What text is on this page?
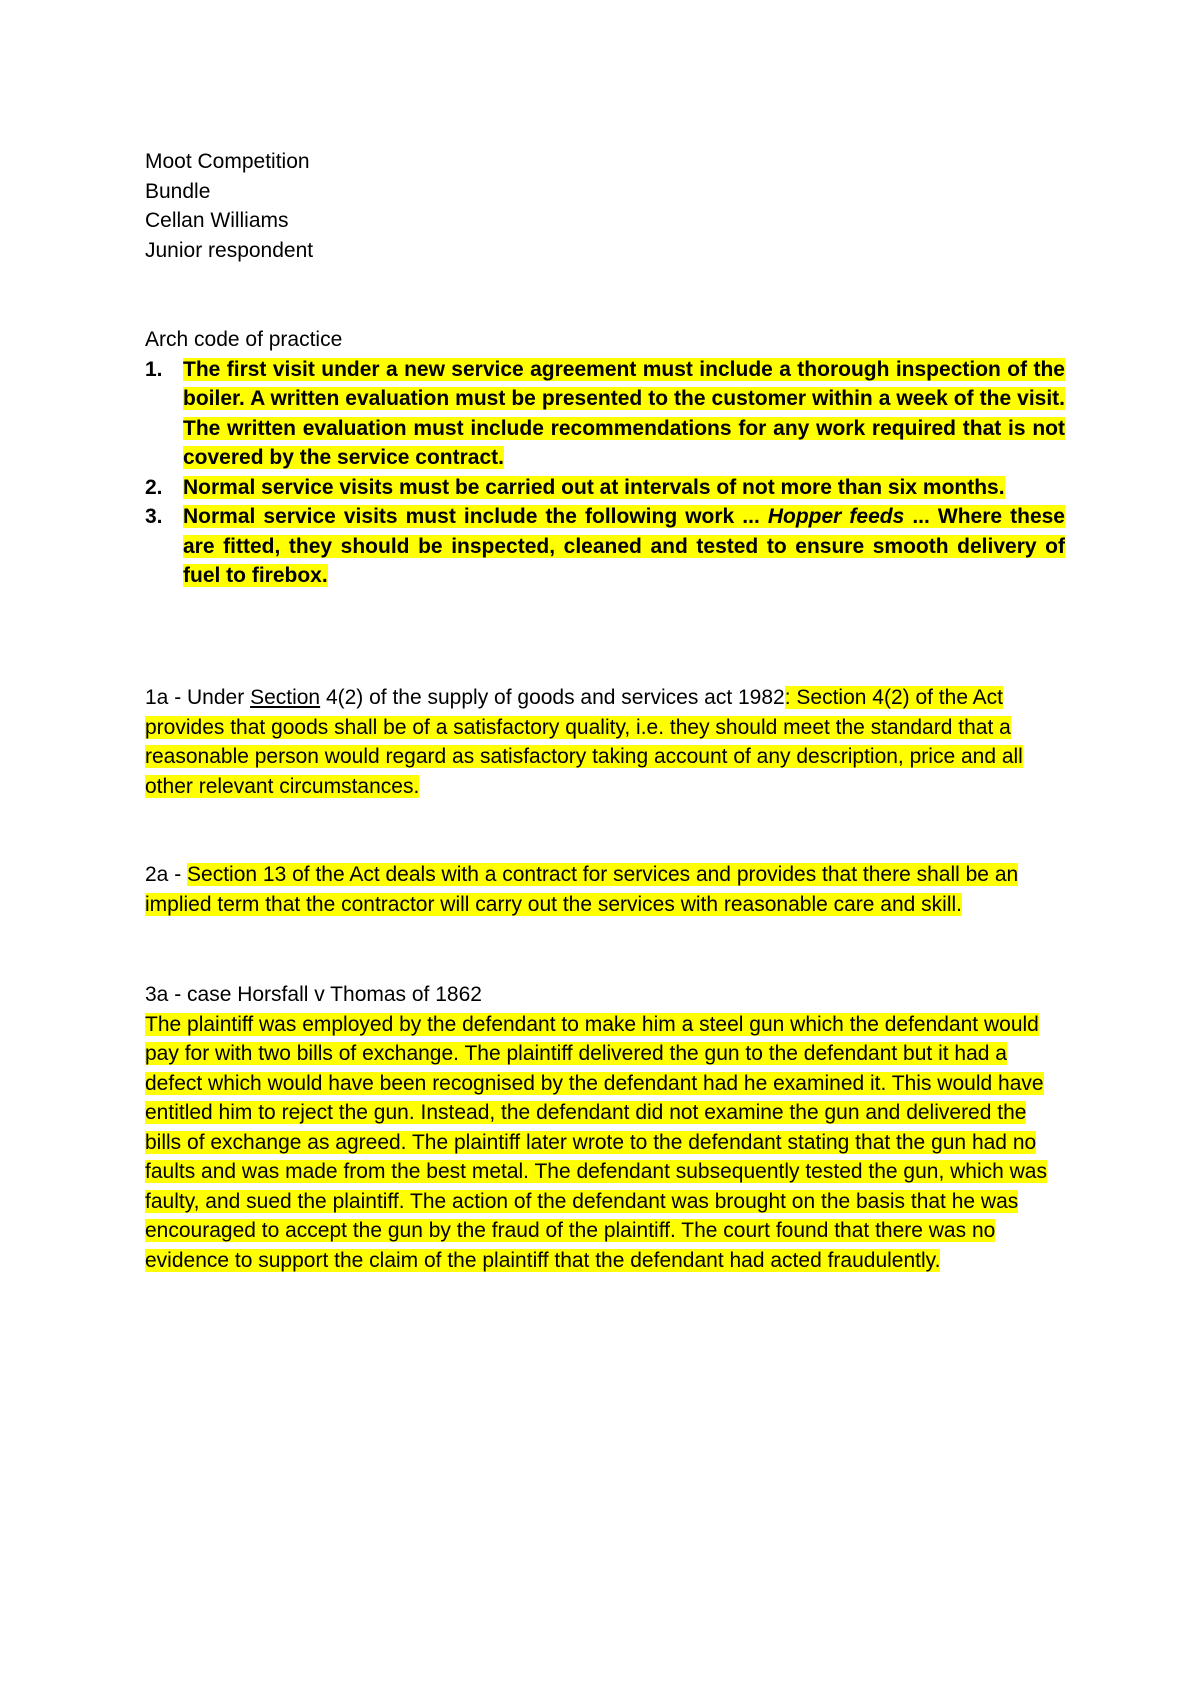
Moot Competition
Bundle
Cellan Williams
Junior respondent
Arch code of practice
1. The first visit under a new service agreement must include a thorough inspection of the boiler. A written evaluation must be presented to the customer within a week of the visit. The written evaluation must include recommendations for any work required that is not covered by the service contract.
2. Normal service visits must be carried out at intervals of not more than six months.
3. Normal service visits must include the following work ... Hopper feeds ... Where these are fitted, they should be inspected, cleaned and tested to ensure smooth delivery of fuel to firebox.
1a - Under Section 4(2) of the supply of goods and services act 1982: Section 4(2) of the Act provides that goods shall be of a satisfactory quality, i.e. they should meet the standard that a reasonable person would regard as satisfactory taking account of any description, price and all other relevant circumstances.
2a - Section 13 of the Act deals with a contract for services and provides that there shall be an implied term that the contractor will carry out the services with reasonable care and skill.
3a - case Horsfall v Thomas of 1862
The plaintiff was employed by the defendant to make him a steel gun which the defendant would pay for with two bills of exchange. The plaintiff delivered the gun to the defendant but it had a defect which would have been recognised by the defendant had he examined it. This would have entitled him to reject the gun. Instead, the defendant did not examine the gun and delivered the bills of exchange as agreed. The plaintiff later wrote to the defendant stating that the gun had no faults and was made from the best metal. The defendant subsequently tested the gun, which was faulty, and sued the plaintiff. The action of the defendant was brought on the basis that he was encouraged to accept the gun by the fraud of the plaintiff. The court found that there was no evidence to support the claim of the plaintiff that the defendant had acted fraudulently.
